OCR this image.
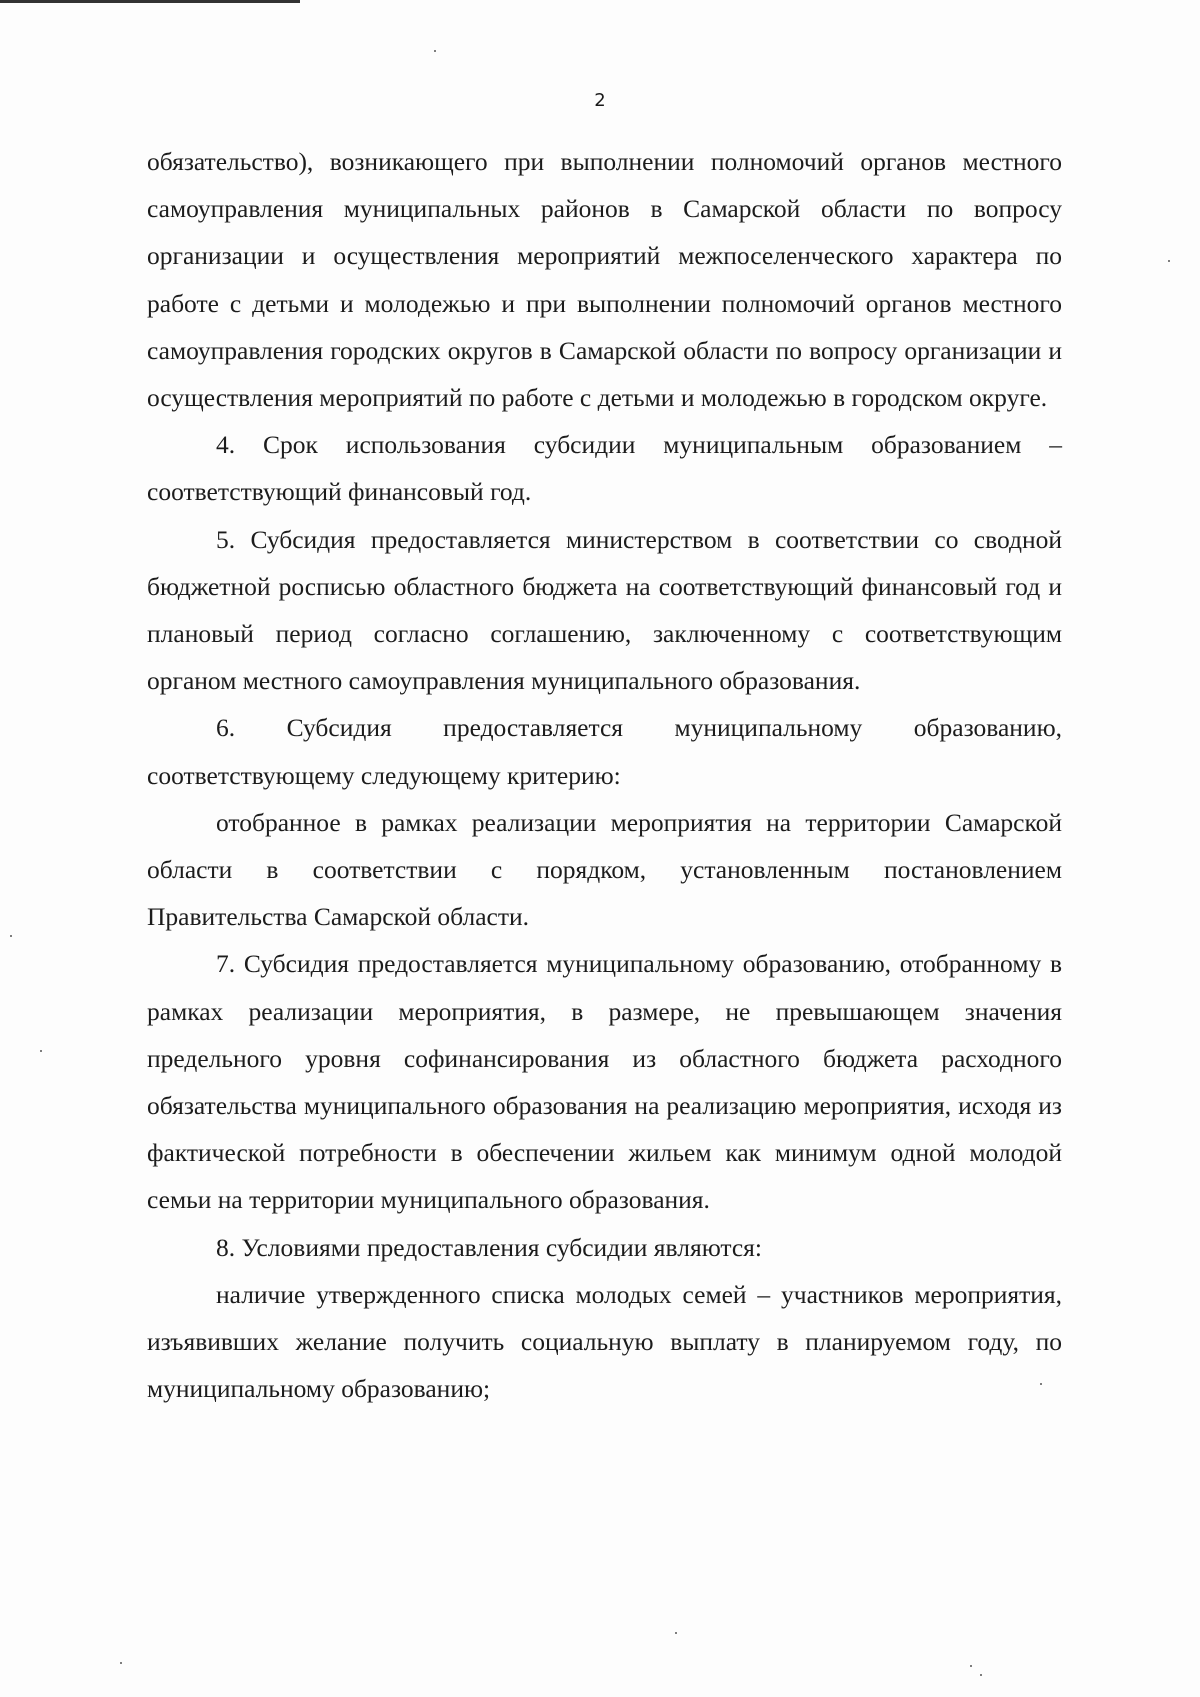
2

обязательство), возникающего при выполнении полномочий органов местного самоуправления муниципальных районов в Самарской области по вопросу организации и осуществления мероприятий межпоселенческого характера по работе с детьми и молодежью и при выполнении полномочий органов местного самоуправления городских округов в Самарской области по вопросу организации и осуществления мероприятий по работе с детьми и молодежью в городском округе.

4. Срок использования субсидии муниципальным образованием – соответствующий финансовый год.

5. Субсидия предоставляется министерством в соответствии со сводной бюджетной росписью областного бюджета на соответствующий финансовый год и плановый период согласно соглашению, заключенному с соответствующим органом местного самоуправления муниципального образования.

6. Субсидия предоставляется муниципальному образованию, соответствующему следующему критерию:

отобранное в рамках реализации мероприятия на территории Самарской области в соответствии с порядком, установленным постановлением Правительства Самарской области.

7. Субсидия предоставляется муниципальному образованию, отобранному в рамках реализации мероприятия, в размере, не превышающем значения предельного уровня софинансирования из областного бюджета расходного обязательства муниципального образования на реализацию мероприятия, исходя из фактической потребности в обеспечении жильем как минимум одной молодой семьи на территории муниципального образования.

8. Условиями предоставления субсидии являются:

наличие утвержденного списка молодых семей – участников мероприятия, изъявивших желание получить социальную выплату в планируемом году, по муниципальному образованию;
